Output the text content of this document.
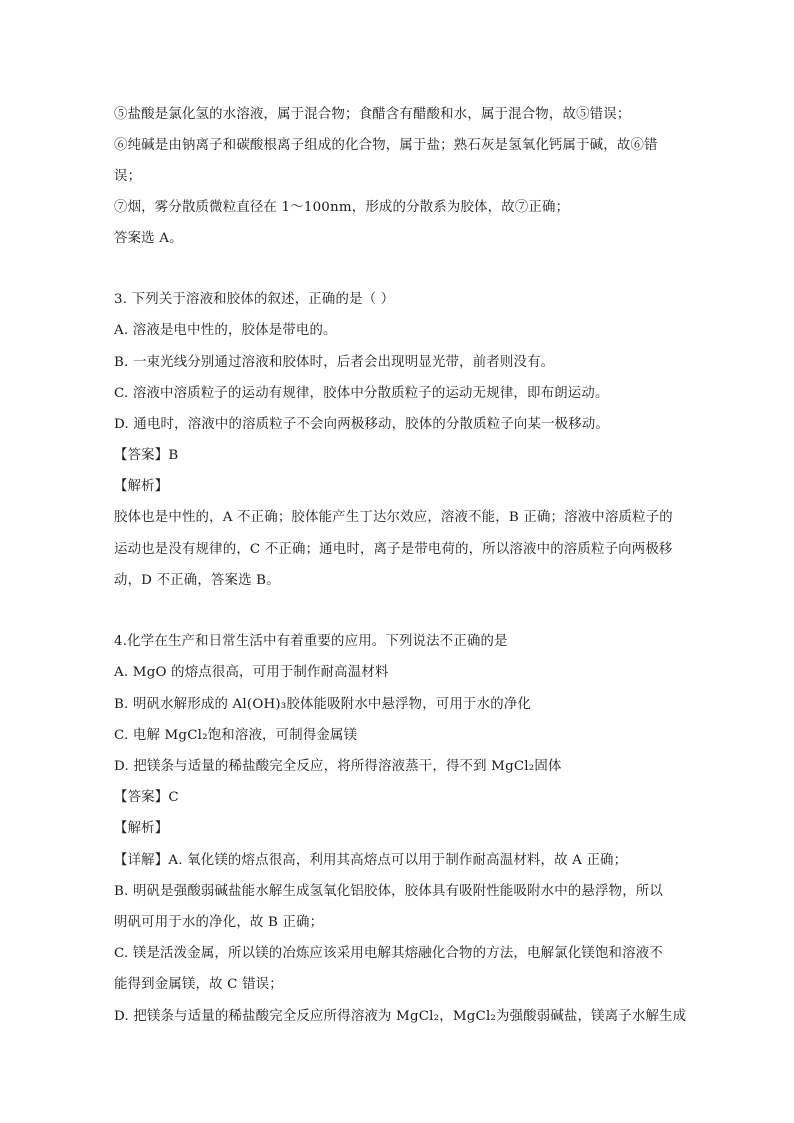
⑤盐酸是氯化氢的水溶液，属于混合物；食醋含有醋酸和水，属于混合物，故⑤错误；
⑥纯碱是由钠离子和碳酸根离子组成的化合物，属于盐；熟石灰是氢氧化钙属于碱，故⑥错
误；
⑦烟，雾分散质微粒直径在 1～100nm，形成的分散系为胶体，故⑦正确；
答案选 A。
3. 下列关于溶液和胶体的叙述，正确的是（ ）
A. 溶液是电中性的，胶体是带电的。
B. 一束光线分别通过溶液和胶体时，后者会出现明显光带，前者则没有。
C. 溶液中溶质粒子的运动有规律，胶体中分散质粒子的运动无规律，即布朗运动。
D. 通电时，溶液中的溶质粒子不会向两极移动，胶体的分散质粒子向某一极移动。
【答案】B
【解析】
胶体也是中性的，A 不正确；胶体能产生丁达尔效应，溶液不能，B 正确；溶液中溶质粒子的
运动也是没有规律的，C 不正确；通电时，离子是带电荷的，所以溶液中的溶质粒子向两极移
动，D 不正确，答案选 B。
4.化学在生产和日常生活中有着重要的应用。下列说法不正确的是
A. MgO 的熔点很高，可用于制作耐高温材料
B. 明矾水解形成的 Al(OH)₃胶体能吸附水中悬浮物，可用于水的净化
C. 电解 MgCl₂饱和溶液，可制得金属镁
D. 把镁条与适量的稀盐酸完全反应，将所得溶液蒸干，得不到 MgCl₂固体
【答案】C
【解析】
【详解】A. 氧化镁的熔点很高，利用其高熔点可以用于制作耐高温材料，故 A 正确；
B. 明矾是强酸弱碱盐能水解生成氢氧化铝胶体，胶体具有吸附性能吸附水中的悬浮物，所以
明矾可用于水的净化，故 B 正确；
C. 镁是活泼金属，所以镁的冶炼应该采用电解其熔融化合物的方法，电解氯化镁饱和溶液不
能得到金属镁，故 C 错误；
D. 把镁条与适量的稀盐酸完全反应所得溶液为 MgCl₂，MgCl₂为强酸弱碱盐，镁离子水解生成
